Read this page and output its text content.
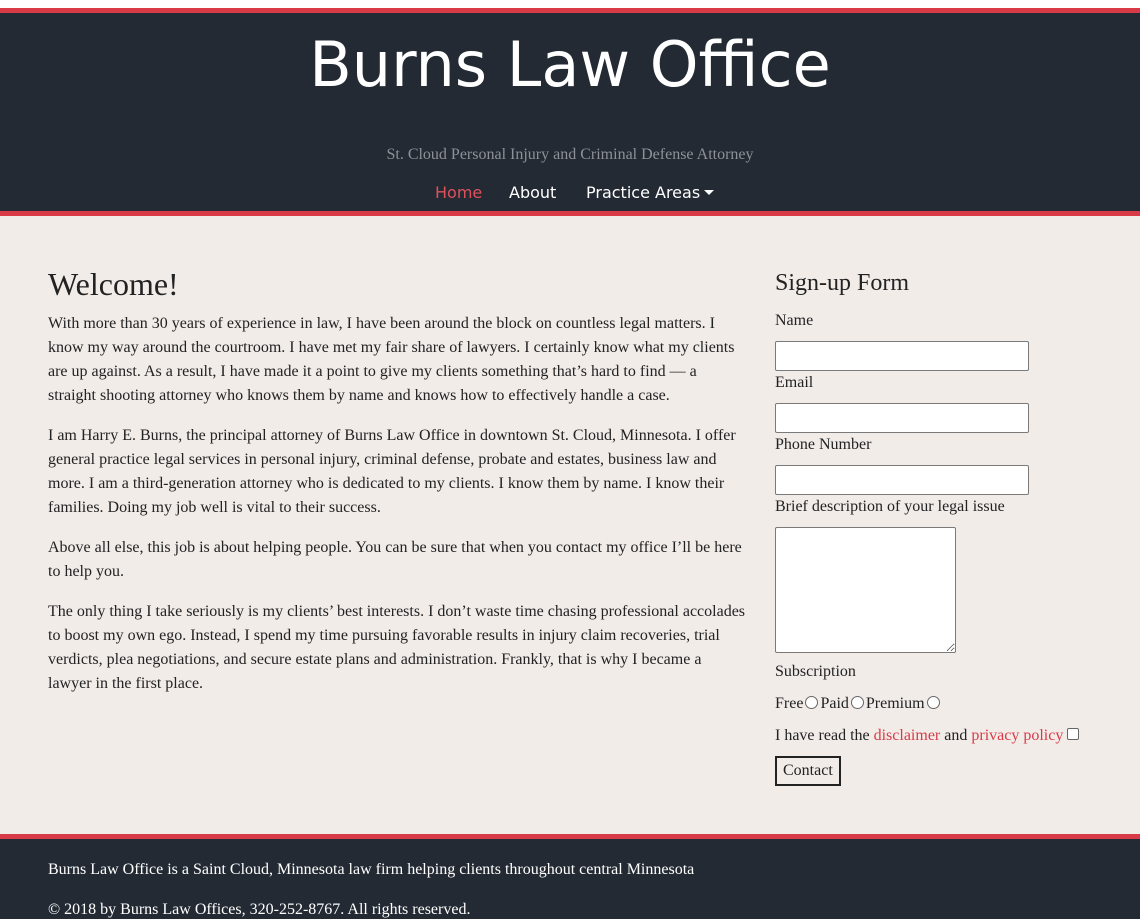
Burns Law Office
St. Cloud Personal Injury and Criminal Defense Attorney
Home About Practice Areas
Welcome!

With more than 30 years of experience in law, I have been around the block on countless legal matters. I know my way around the courtroom. I have met my fair share of lawyers. I certainly know what my clients are up against. As a result, I have made it a point to give my clients something that’s hard to find — a straight shooting attorney who knows them by name and knows how to effectively handle a case.

I am Harry E. Burns, the principal attorney of Burns Law Office in downtown St. Cloud, Minnesota. I offer general practice legal services in personal injury, criminal defense, probate and estates, business law and more. I am a third-generation attorney who is dedicated to my clients. I know them by name. I know their families. Doing my job well is vital to their success.

Above all else, this job is about helping people. You can be sure that when you contact my office I’ll be here to help you.

The only thing I take seriously is my clients’ best interests. I don’t waste time chasing professional accolades to boost my own ego. Instead, I spend my time pursuing favorable results in injury claim recoveries, trial verdicts, plea negotiations, and secure estate plans and administration. Frankly, that is why I became a lawyer in the first place.

Sign-up Form
Name
Email
Phone Number
Brief description of your legal issue
Subscription
Free Paid Premium
I have read the disclaimer and privacy policy
Contact
Burns Law Office is a Saint Cloud, Minnesota law firm helping clients throughout central Minnesota
© 2018 by Burns Law Offices, 320-252-8767. All rights reserved.
